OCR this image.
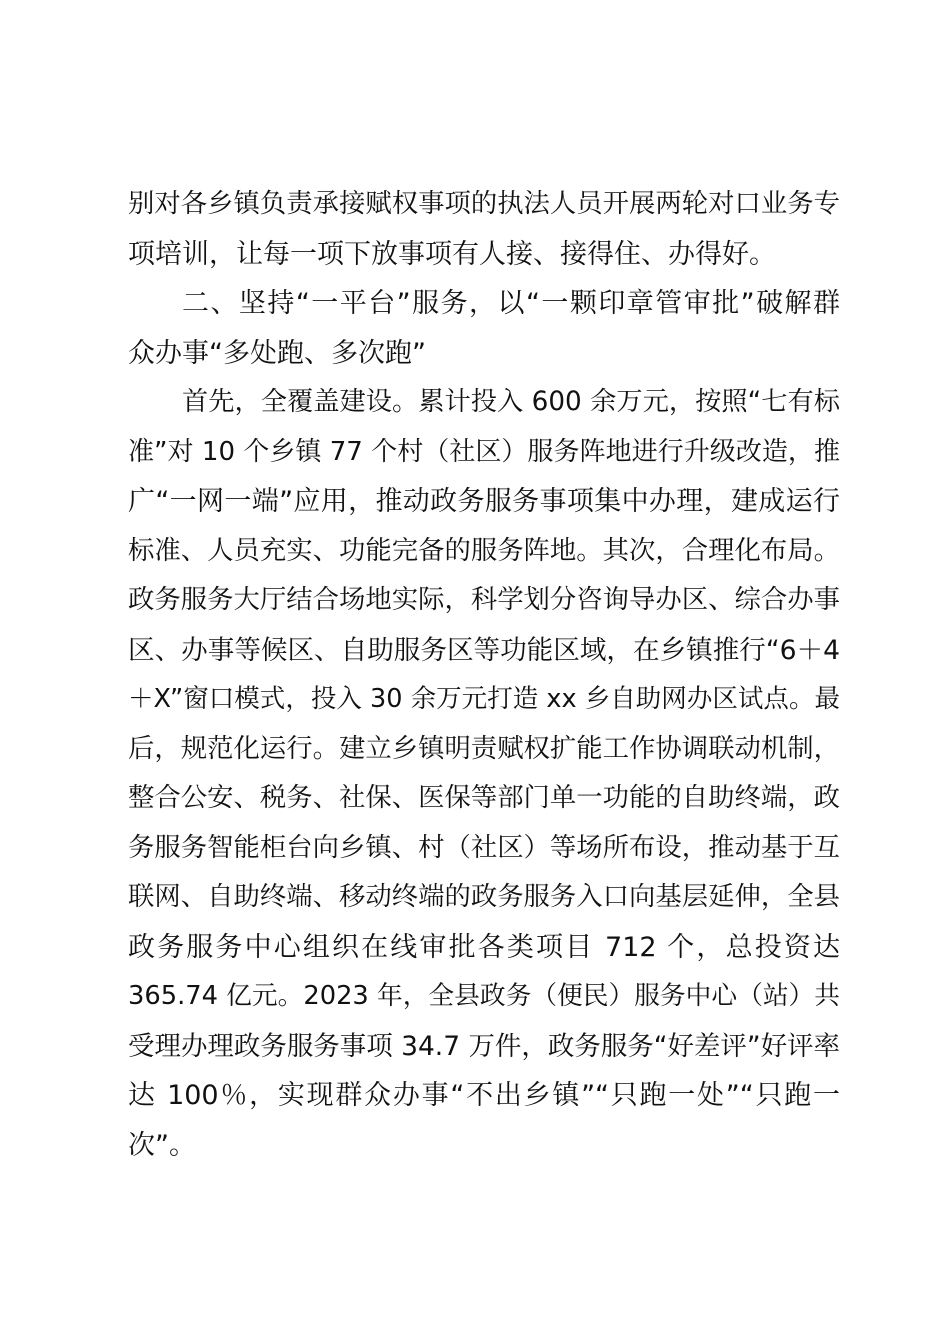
别对各乡镇负责承接赋权事项的执法人员开展两轮对口业务专
项培训，让每一项下放事项有人接、接得住、办得好。
二、坚持“一平台”服务，以“一颗印章管审批”破解群
众办事“多处跑、多次跑”
首先，全覆盖建设。累计投入 600 余万元，按照“七有标
准”对 10 个乡镇 77 个村（社区）服务阵地进行升级改造，推
广“一网一端”应用，推动政务服务事项集中办理，建成运行
标准、人员充实、功能完备的服务阵地。其次，合理化布局。
政务服务大厅结合场地实际，科学划分咨询导办区、综合办事
区、办事等候区、自助服务区等功能区域，在乡镇推行“6＋4
＋X”窗口模式，投入 30 余万元打造 xx 乡自助网办区试点。最
后，规范化运行。建立乡镇明责赋权扩能工作协调联动机制，
整合公安、税务、社保、医保等部门单一功能的自助终端，政
务服务智能柜台向乡镇、村（社区）等场所布设，推动基于互
联网、自助终端、移动终端的政务服务入口向基层延伸，全县
政务服务中心组织在线审批各类项目 712 个，总投资达
365.74 亿元。2023 年，全县政务（便民）服务中心（站）共
受理办理政务服务事项 34.7 万件，政务服务“好差评”好评率
达 100％，实现群众办事“不出乡镇”“只跑一处”“只跑一
次”。
